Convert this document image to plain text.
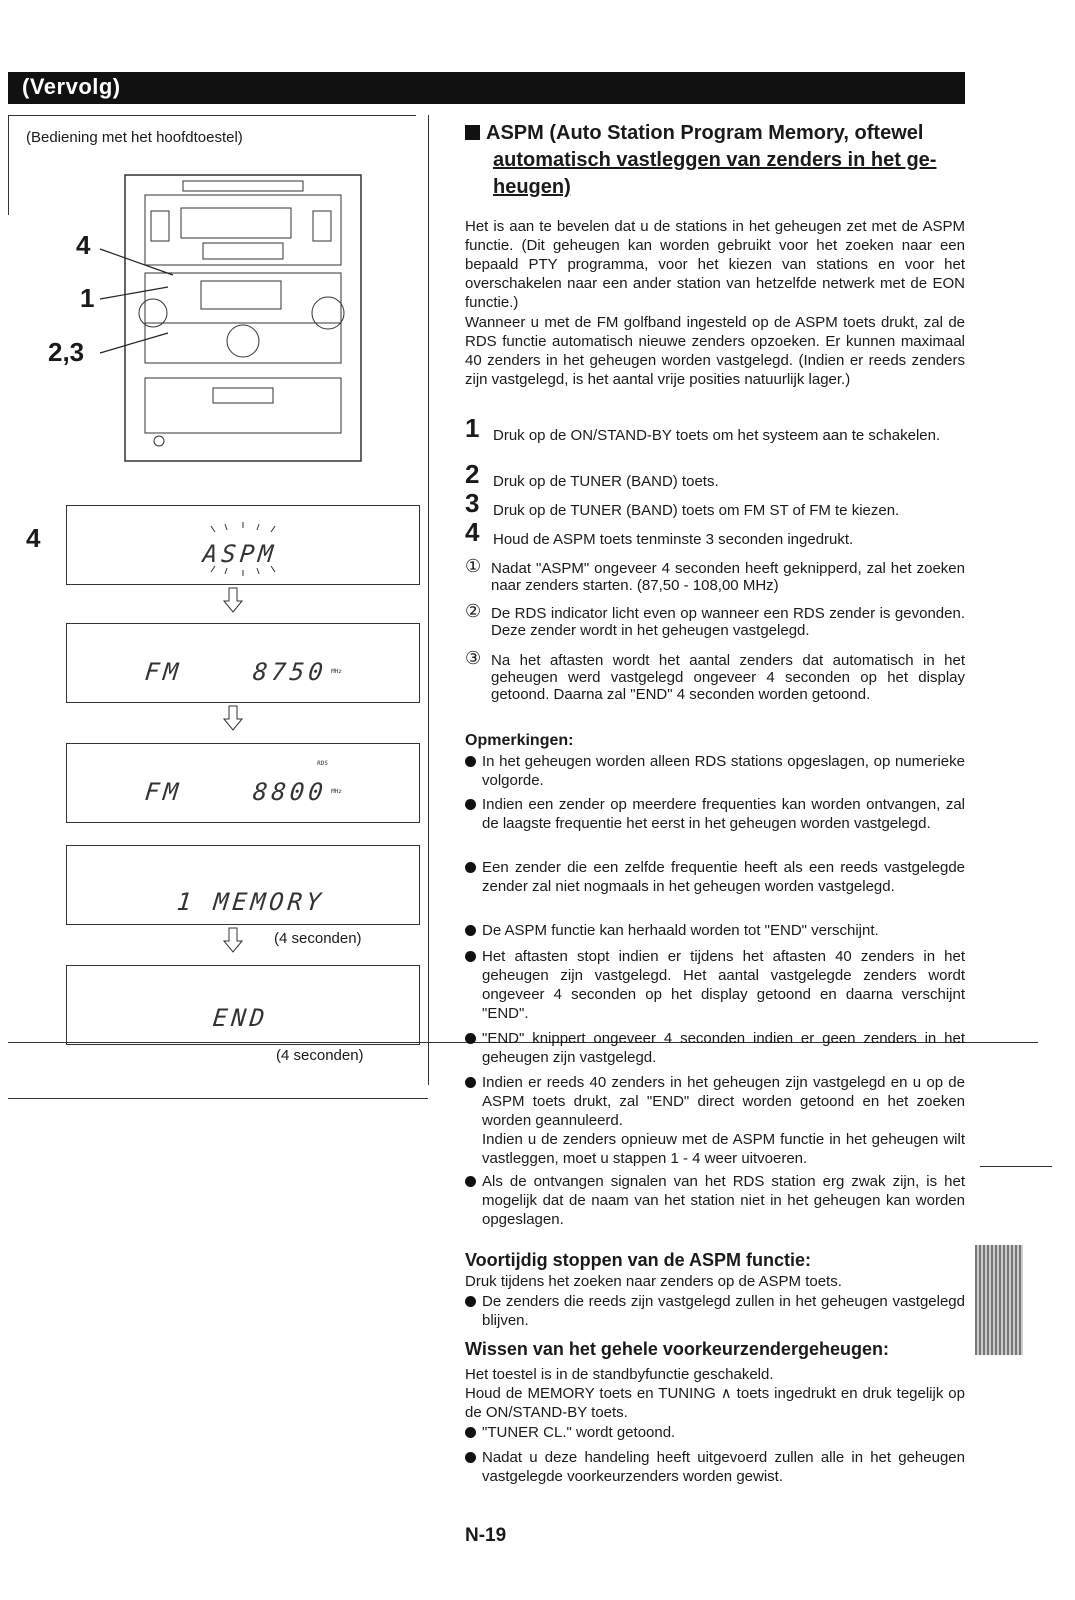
(Vervolg)
(Bediening met het hoofdtoestel)
4
1
2,3
4
ASPM
FM	8750 MHz
FM	8800 MHz
RDS
1 MEMORY
(4 seconden)
END
(4 seconden)
ASPM (Auto Station Program Memory, oftewel
automatisch vastleggen van zenders in het ge-
heugen)
Het is aan te bevelen dat u de stations in het geheugen zet met de ASPM functie. (Dit geheugen kan worden gebruikt voor het zoeken naar een bepaald PTY programma, voor het kiezen van stations en voor het overschakelen naar een ander station van hetzelfde netwerk met de EON functie.)
Wanneer u met de FM golfband ingesteld op de ASPM toets drukt, zal de RDS functie automatisch nieuwe zenders opzoeken. Er kunnen maximaal 40 zenders in het geheugen worden vastgelegd. (Indien er reeds zenders zijn vastgelegd, is het aantal vrije posities natuurlijk lager.)
1 Druk op de ON/STAND-BY toets om het systeem aan te schakelen.
2 Druk op de TUNER (BAND) toets.
3 Druk op de TUNER (BAND) toets om FM ST of FM te kiezen.
4 Houd de ASPM toets tenminste 3 seconden ingedrukt.
① Nadat "ASPM" ongeveer 4 seconden heeft geknipperd, zal het zoeken naar zenders starten. (87,50 - 108,00 MHz)
② De RDS indicator licht even op wanneer een RDS zender is gevonden. Deze zender wordt in het geheugen vastgelegd.
③ Na het aftasten wordt het aantal zenders dat automatisch in het geheugen werd vastgelegd ongeveer 4 seconden op het display getoond. Daarna zal "END" 4 seconden worden getoond.
Opmerkingen:
In het geheugen worden alleen RDS stations opgeslagen, op numerieke volgorde.
Indien een zender op meerdere frequenties kan worden ontvangen, zal de laagste frequentie het eerst in het geheugen worden vastgelegd.
Een zender die een zelfde frequentie heeft als een reeds vastgelegde zender zal niet nogmaals in het geheugen worden vastgelegd.
De ASPM functie kan herhaald worden tot "END" verschijnt.
Het aftasten stopt indien er tijdens het aftasten 40 zenders in het geheugen zijn vastgelegd. Het aantal vastgelegde zenders wordt ongeveer 4 seconden op het display getoond en daarna verschijnt "END".
"END" knippert ongeveer 4 seconden indien er geen zenders in het geheugen zijn vastgelegd.
Indien er reeds 40 zenders in het geheugen zijn vastgelegd en u op de ASPM toets drukt, zal "END" direct worden getoond en het zoeken worden geannuleerd.
Indien u de zenders opnieuw met de ASPM functie in het geheugen wilt vastleggen, moet u stappen 1 - 4 weer uitvoeren.
Als de ontvangen signalen van het RDS station erg zwak zijn, is het mogelijk dat de naam van het station niet in het geheugen kan worden opgeslagen.
Voortijdig stoppen van de ASPM functie:
Druk tijdens het zoeken naar zenders op de ASPM toets.
De zenders die reeds zijn vastgelegd zullen in het geheugen vastgelegd blijven.
Wissen van het gehele voorkeurzendergeheugen:
Het toestel is in de standbyfunctie geschakeld.
Houd de MEMORY toets en TUNING ∧ toets ingedrukt en druk tegelijk op de ON/STAND-BY toets.
"TUNER CL." wordt getoond.
Nadat u deze handeling heeft uitgevoerd zullen alle in het geheugen vastgelegde voorkeurzenders worden gewist.
N-19
